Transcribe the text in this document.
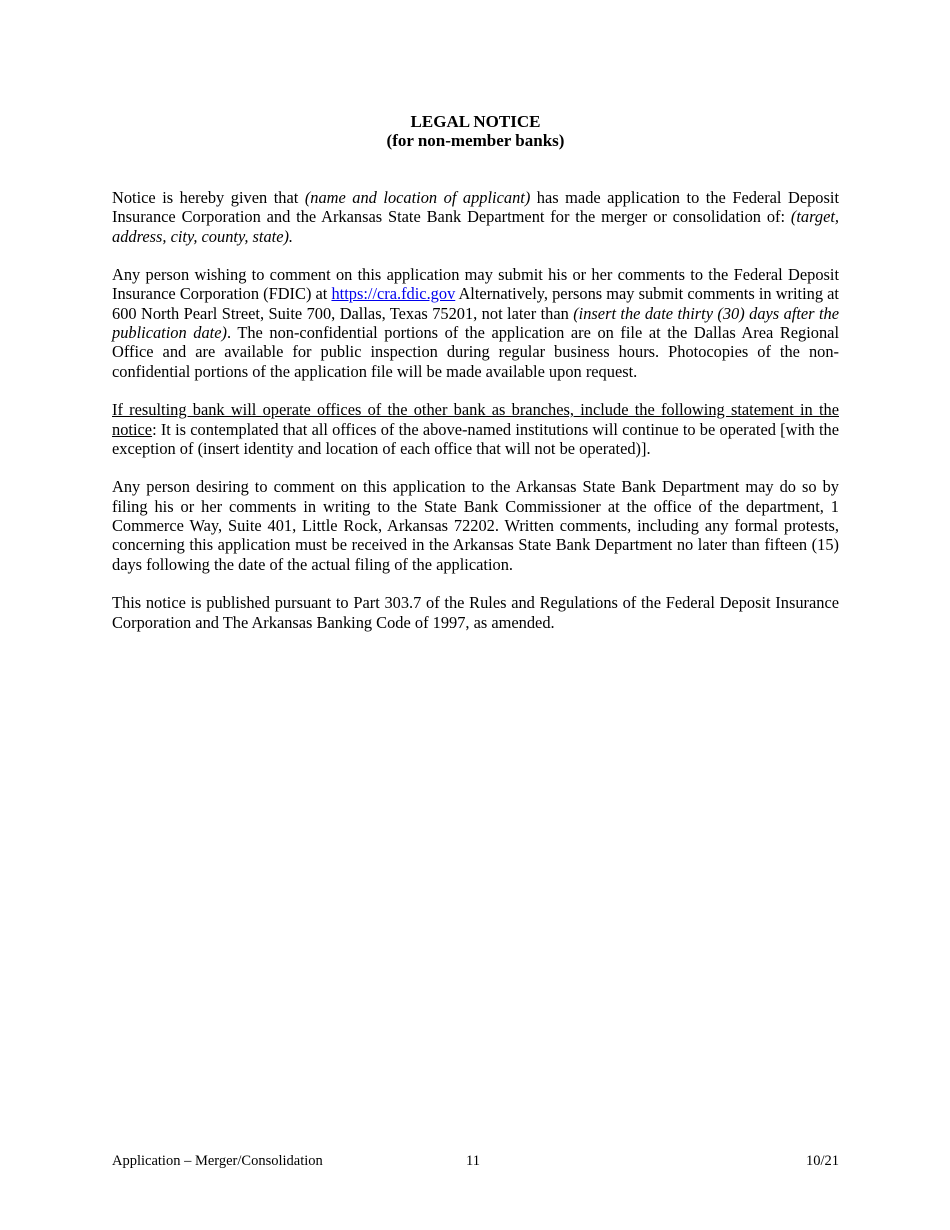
LEGAL NOTICE
(for non-member banks)

Notice is hereby given that (name and location of applicant) has made application to the Federal Deposit Insurance Corporation and the Arkansas State Bank Department for the merger or consolidation of: (target, address, city, county, state).

Any person wishing to comment on this application may submit his or her comments to the Federal Deposit Insurance Corporation (FDIC) at https://cra.fdic.gov Alternatively, persons may submit comments in writing at 600 North Pearl Street, Suite 700, Dallas, Texas 75201, not later than (insert the date thirty (30) days after the publication date). The non-confidential portions of the application are on file at the Dallas Area Regional Office and are available for public inspection during regular business hours. Photocopies of the non-confidential portions of the application file will be made available upon request.

If resulting bank will operate offices of the other bank as branches, include the following statement in the notice: It is contemplated that all offices of the above-named institutions will continue to be operated [with the exception of (insert identity and location of each office that will not be operated)].

Any person desiring to comment on this application to the Arkansas State Bank Department may do so by filing his or her comments in writing to the State Bank Commissioner at the office of the department, 1 Commerce Way, Suite 401, Little Rock, Arkansas 72202. Written comments, including any formal protests, concerning this application must be received in the Arkansas State Bank Department no later than fifteen (15) days following the date of the actual filing of the application.

This notice is published pursuant to Part 303.7 of the Rules and Regulations of the Federal Deposit Insurance Corporation and The Arkansas Banking Code of 1997, as amended.

Application – Merger/Consolidation	11	10/21
